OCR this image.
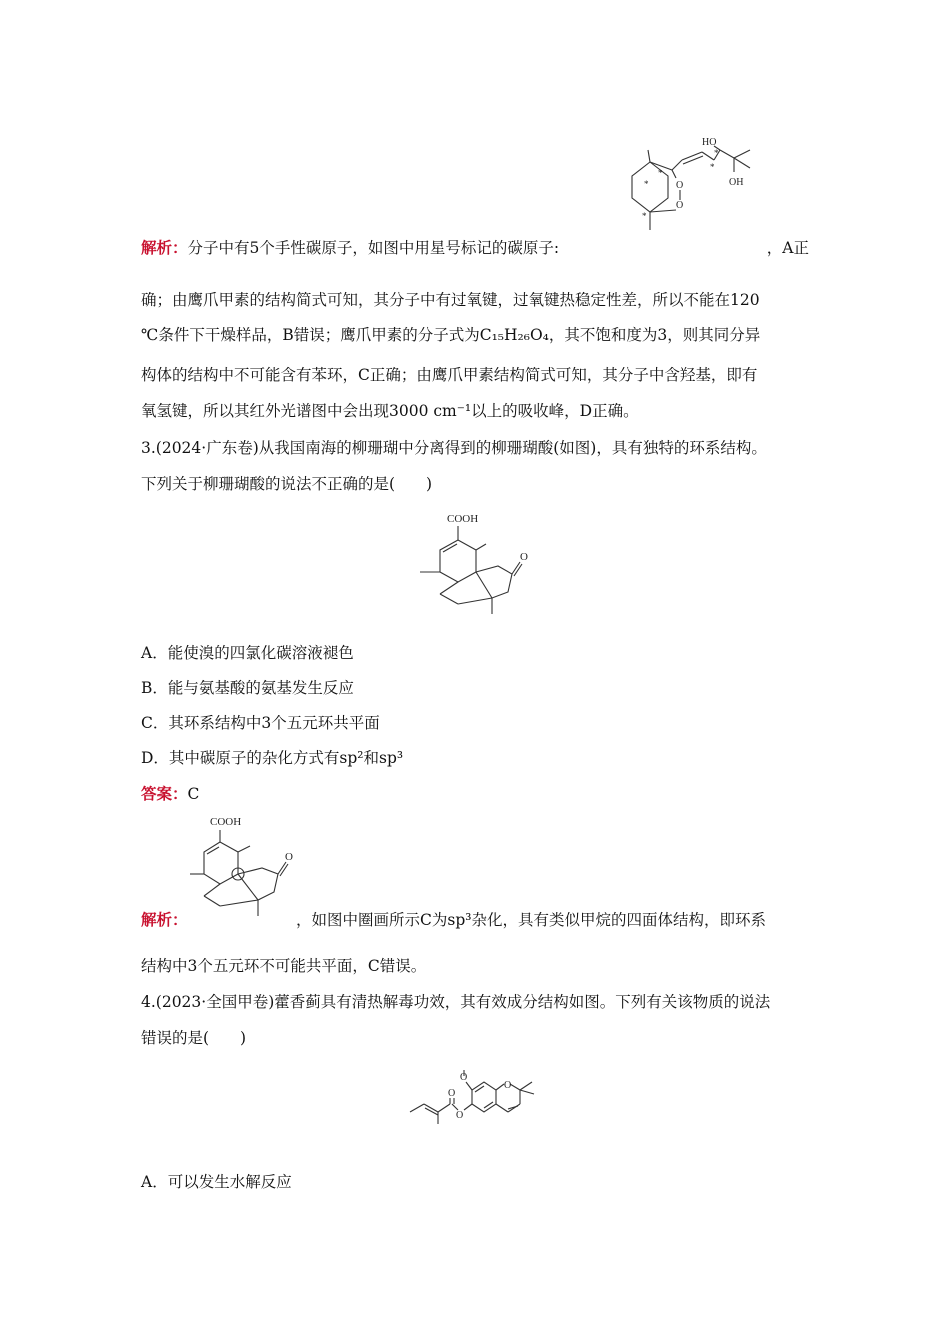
O
O
HO
OH
*
*
*
*
*
解析：分子中有5个手性碳原子，如图中用星号标记的碳原子:	，A正
确；由鹰爪甲素的结构简式可知，其分子中有过氧键，过氧键热稳定性差，所以不能在120
℃条件下干燥样品，B错误；鹰爪甲素的分子式为C₁₅H₂₆O₄，其不饱和度为3，则其同分异
构体的结构中不可能含有苯环，C正确；由鹰爪甲素结构简式可知，其分子中含羟基，即有
氧氢键，所以其红外光谱图中会出现3000 cm⁻¹以上的吸收峰，D正确。
3.(2024·广东卷)从我国南海的柳珊瑚中分离得到的柳珊瑚酸(如图)，具有独特的环系结构。
下列关于柳珊瑚酸的说法不正确的是(　　)
COOH
O
A．能使溴的四氯化碳溶液褪色
B．能与氨基酸的氨基发生反应
C．其环系结构中3个五元环共平面
D．其中碳原子的杂化方式有sp²和sp³
答案：C
COOH
O
解析：	，如图中圈画所示C为sp³杂化，具有类似甲烷的四面体结构，即环系
结构中3个五元环不可能共平面，C错误。
4.(2023·全国甲卷)藿香蓟具有清热解毒功效，其有效成分结构如图。下列有关该物质的说法
错误的是(　　)
O
O
O
O
A．可以发生水解反应
